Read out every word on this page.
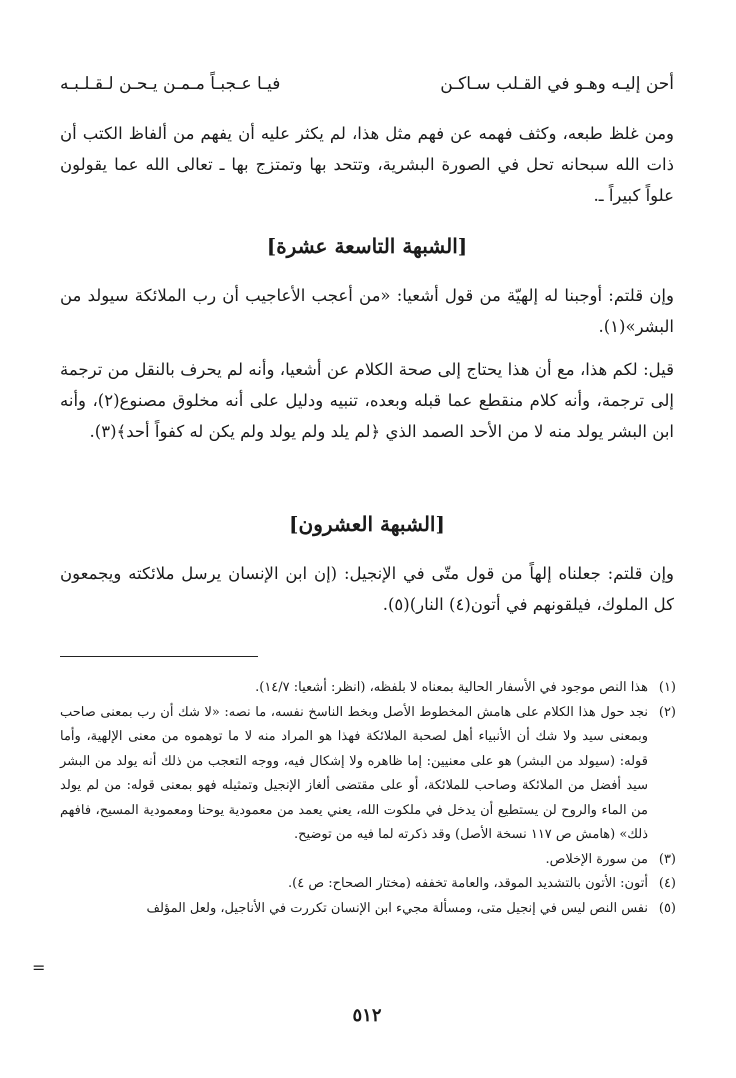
أحن إليـه وهـو في القـلب سـاكـن
فيـا عـجبـاً مـمـن يـحـن لـقـلـبـه

ومن غلظ طبعه، وكثف فهمه عن فهم مثل هذا، لم يكثر عليه أن يفهم من ألفاظ الكتب أن ذات الله سبحانه تحل في الصورة البشرية، وتتحد بها وتمتزج بها ـ تعالى الله عما يقولون علواً كبيراً ـ.

[الشبهة التاسعة عشرة]

وإن قلتم: أوجبنا له إلهيّة من قول أشعيا: «من أعجب الأعاجيب أن رب الملائكة سيولد من البشر»(١).

قيل: لكم هذا، مع أن هذا يحتاج إلى صحة الكلام عن أشعيا، وأنه لم يحرف بالنقل من ترجمة إلى ترجمة، وأنه كلام منقطع عما قبله وبعده، تنبيه ودليل على أنه مخلوق مصنوع(٢)، وأنه ابن البشر يولد منه لا من الأحد الصمد الذي ﴿لم يلد ولم يولد ولم يكن له كفواً أحد﴾(٣).

[الشبهة العشرون]

وإن قلتم: جعلناه إلهاً من قول متّى في الإنجيل: (إن ابن الإنسان يرسل ملائكته ويجمعون كل الملوك، فيلقونهم في أتون(٤) النار)(٥).

(١)
هذا النص موجود في الأسفار الحالية بمعناه لا بلفظه، (انظر: أشعيا: ١٤/٧).
(٢)
نجد حول هذا الكلام على هامش المخطوط الأصل وبخط الناسخ نفسه، ما نصه: «لا شك أن رب بمعنى صاحب وبمعنى سيد ولا شك أن الأنبياء أهل لصحبة الملائكة فهذا هو المراد منه لا ما توهموه من معنى الإلهية، وأما قوله: (سيولد من البشر) هو على معنيين: إما ظاهره ولا إشكال فيه، ووجه التعجب من ذلك أنه يولد من البشر سيد أفضل من الملائكة وصاحب للملائكة، أو على مقتضى ألغاز الإنجيل وتمثيله فهو بمعنى قوله: من لم يولد من الماء والروح لن يستطيع أن يدخل في ملكوت الله، يعني يعمد من معمودية يوحنا ومعمودية المسيح، فافهم ذلك» (هامش ص ١١٧ نسخة الأصل) وقد ذكرته لما فيه من توضيح.
(٣)
من سورة الإخلاص.
(٤)
أتون: الأتون بالتشديد الموقد، والعامة تخففه (مختار الصحاح: ص ٤).
(٥)
نفس النص ليس في إنجيل متى، ومسألة مجيء ابن الإنسان تكررت في الأناجيل، ولعل المؤلف
=
٥١٢
